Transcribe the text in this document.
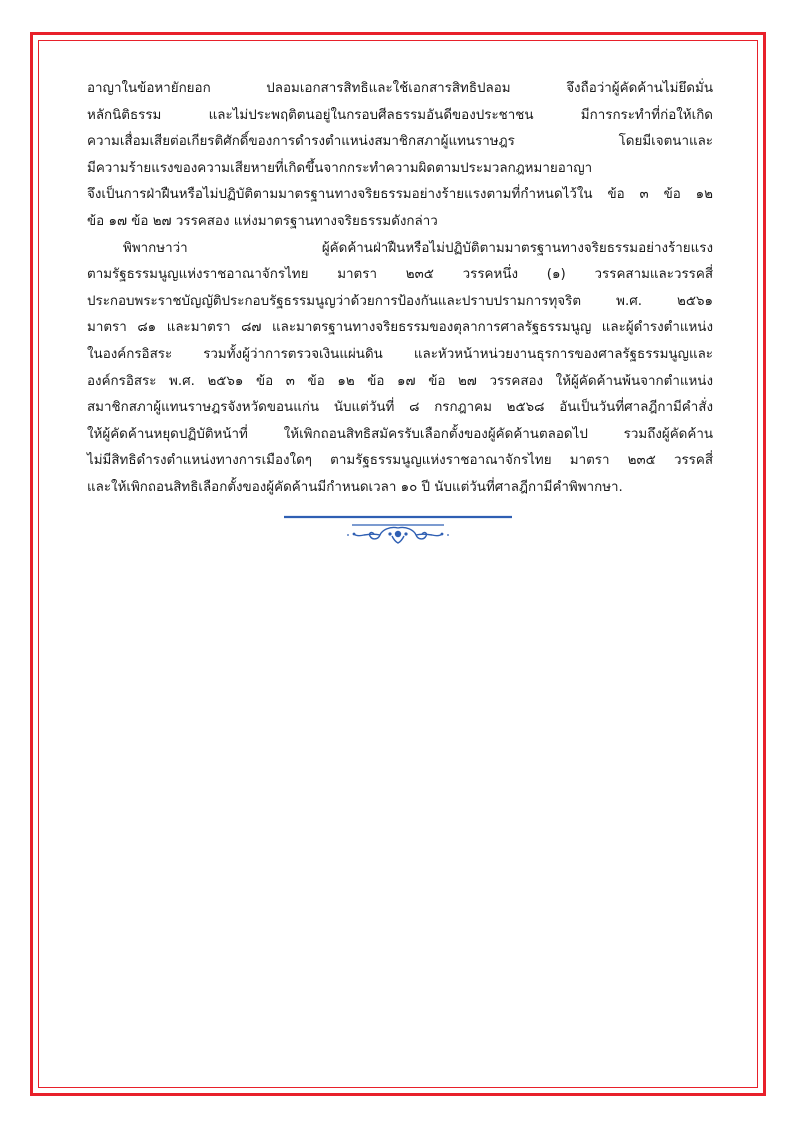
อาญาในข้อหายักยอก ปลอมเอกสารสิทธิและใช้เอกสารสิทธิปลอม จึงถือว่าผู้คัดค้านไม่ยึดมั่น
หลักนิติธรรม และไม่ประพฤติตนอยู่ในกรอบศีลธรรมอันดีของประชาชน มีการกระทำที่ก่อให้เกิด
ความเสื่อมเสียต่อเกียรติศักดิ์ของการดำรงตำแหน่งสมาชิกสภาผู้แทนราษฎร โดยมีเจตนาและ
มีความร้ายแรงของความเสียหายที่เกิดขึ้นจากกระทำความผิดตามประมวลกฎหมายอาญา
จึงเป็นการฝ่าฝืนหรือไม่ปฏิบัติตามมาตรฐานทางจริยธรรมอย่างร้ายแรงตามที่กำหนดไว้ใน ข้อ ๓ ข้อ ๑๒
ข้อ ๑๗ ข้อ ๒๗ วรรคสอง แห่งมาตรฐานทางจริยธรรมดังกล่าว

พิพากษาว่า ผู้คัดค้านฝ่าฝืนหรือไม่ปฏิบัติตามมาตรฐานทางจริยธรรมอย่างร้ายแรง
ตามรัฐธรรมนูญแห่งราชอาณาจักรไทย มาตรา ๒๓๕ วรรคหนึ่ง (๑) วรรคสามและวรรคสี่
ประกอบพระราชบัญญัติประกอบรัฐธรรมนูญว่าด้วยการป้องกันและปราบปรามการทุจริต พ.ศ. ๒๕๖๑
มาตรา ๘๑ และมาตรา ๘๗ และมาตรฐานทางจริยธรรมของตุลาการศาลรัฐธรรมนูญ และผู้ดำรงตำแหน่ง
ในองค์กรอิสระ รวมทั้งผู้ว่าการตรวจเงินแผ่นดิน และหัวหน้าหน่วยงานธุรการของศาลรัฐธรรมนูญและ
องค์กรอิสระ พ.ศ. ๒๕๖๑ ข้อ ๓ ข้อ ๑๒ ข้อ ๑๗ ข้อ ๒๗ วรรคสอง ให้ผู้คัดค้านพ้นจากตำแหน่ง
สมาชิกสภาผู้แทนราษฎรจังหวัดขอนแก่น นับแต่วันที่ ๘ กรกฎาคม ๒๕๖๘ อันเป็นวันที่ศาลฎีกามีคำสั่ง
ให้ผู้คัดค้านหยุดปฏิบัติหน้าที่ ให้เพิกถอนสิทธิสมัครรับเลือกตั้งของผู้คัดค้านตลอดไป รวมถึงผู้คัดค้าน
ไม่มีสิทธิดำรงตำแหน่งทางการเมืองใดๆ ตามรัฐธรรมนูญแห่งราชอาณาจักรไทย มาตรา ๒๓๕ วรรคสี่
และให้เพิกถอนสิทธิเลือกตั้งของผู้คัดค้านมีกำหนดเวลา ๑๐ ปี นับแต่วันที่ศาลฎีกามีคำพิพากษา.
